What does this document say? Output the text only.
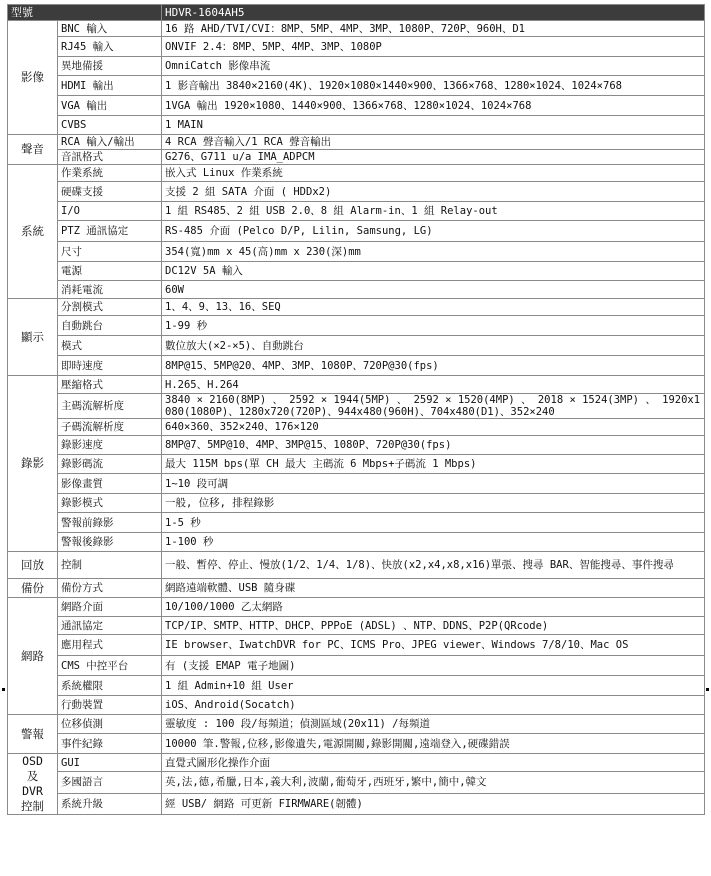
型號		HDVR-1604AH5
影像	BNC 輸入	16 路 AHD/TVI/CVI：8MP、5MP、4MP、3MP、1080P、720P、960H、D1
	RJ45 輸入	ONVIF 2.4：8MP、5MP、4MP、3MP、1080P
	異地備援	OmniCatch 影像串流
	HDMI 輸出	1 影音輸出 3840×2160(4K)、1920×1080×1440×900、1366×768、1280×1024、1024×768
	VGA 輸出	1VGA 輸出 1920×1080、1440×900、1366×768、1280×1024、1024×768
	CVBS	1 MAIN
聲音	RCA 輸入/輸出	4 RCA 聲音輸入/1 RCA 聲音輸出
	音訊格式	G276、G711 u/a IMA_ADPCM
系統	作業系統	嵌入式 Linux 作業系統
	硬碟支援	支援 2 組 SATA 介面 ( HDDx2)
	I/O	1 組 RS485、2 組 USB 2.0、8 組 Alarm-in、1 組 Relay-out
	PTZ 通訊協定	RS-485 介面 (Pelco D/P, Lilin, Samsung, LG)
	尺寸	354(寬)mm x 45(高)mm x 230(深)mm
	電源	DC12V 5A 輸入
	消耗電流	60W
顯示	分割模式	1、4、9、13、16、SEQ
	自動跳台	1-99 秒
	模式	數位放大(×2-×5)、自動跳台
	即時速度	8MP@15、5MP@20、4MP、3MP、1080P、720P@30(fps)
錄影	壓縮格式	H.265、H.264
	主碼流解析度	3840 × 2160(8MP) 、 2592 × 1944(5MP) 、 2592 × 1520(4MP) 、 2018 × 1524(3MP) 、 1920x1080(1080P)、1280x720(720P)、944x480(960H)、704x480(D1)、352×240
	子碼流解析度	640×360、352×240、176×120
	錄影速度	8MP@7、5MP@10、4MP、3MP@15、1080P、720P@30(fps)
	錄影碼流	最大 115M bps(單 CH 最大 主碼流 6 Mbps+子碼流 1 Mbps)
	影像畫質	1~10 段可調
	錄影模式	一般, 位移, 排程錄影
	警報前錄影	1-5 秒
	警報後錄影	1-100 秒
回放	控制	一般、暫停、停止、慢放(1/2、1/4、1/8)、快放(x2,x4,x8,x16)單張、搜尋 BAR、智能搜尋、事件搜尋
備份	備份方式	網路遠端軟體、USB 隨身碟
網路	網路介面	10/100/1000 乙太網路
	通訊協定	TCP/IP、SMTP、HTTP、DHCP、PPPoE (ADSL) 、NTP、DDNS、P2P(QRcode)
	應用程式	IE browser、IwatchDVR for PC、ICMS Pro、JPEG viewer、Windows 7/8/10、Mac OS
	CMS 中控平台	有 (支援 EMAP 電子地圖)
	系統權限	1 組 Admin+10 組 User
	行動裝置	iOS、Android(Socatch)
警報	位移偵測	靈敏度 : 100 段/每頻道；偵測區域(20x11) /每頻道
	事件紀錄	10000 筆.警報,位移,影像遺失,電源開關,錄影開關,遠端登入,硬碟錯誤
OSD
及
DVR
控制	GUI	直覺式圖形化操作介面
	多國語言	英,法,德,希臘,日本,義大利,波蘭,葡萄牙,西班牙,繁中,簡中,韓文
	系統升級	經 USB/ 網路 可更新 FIRMWARE(韌體)
